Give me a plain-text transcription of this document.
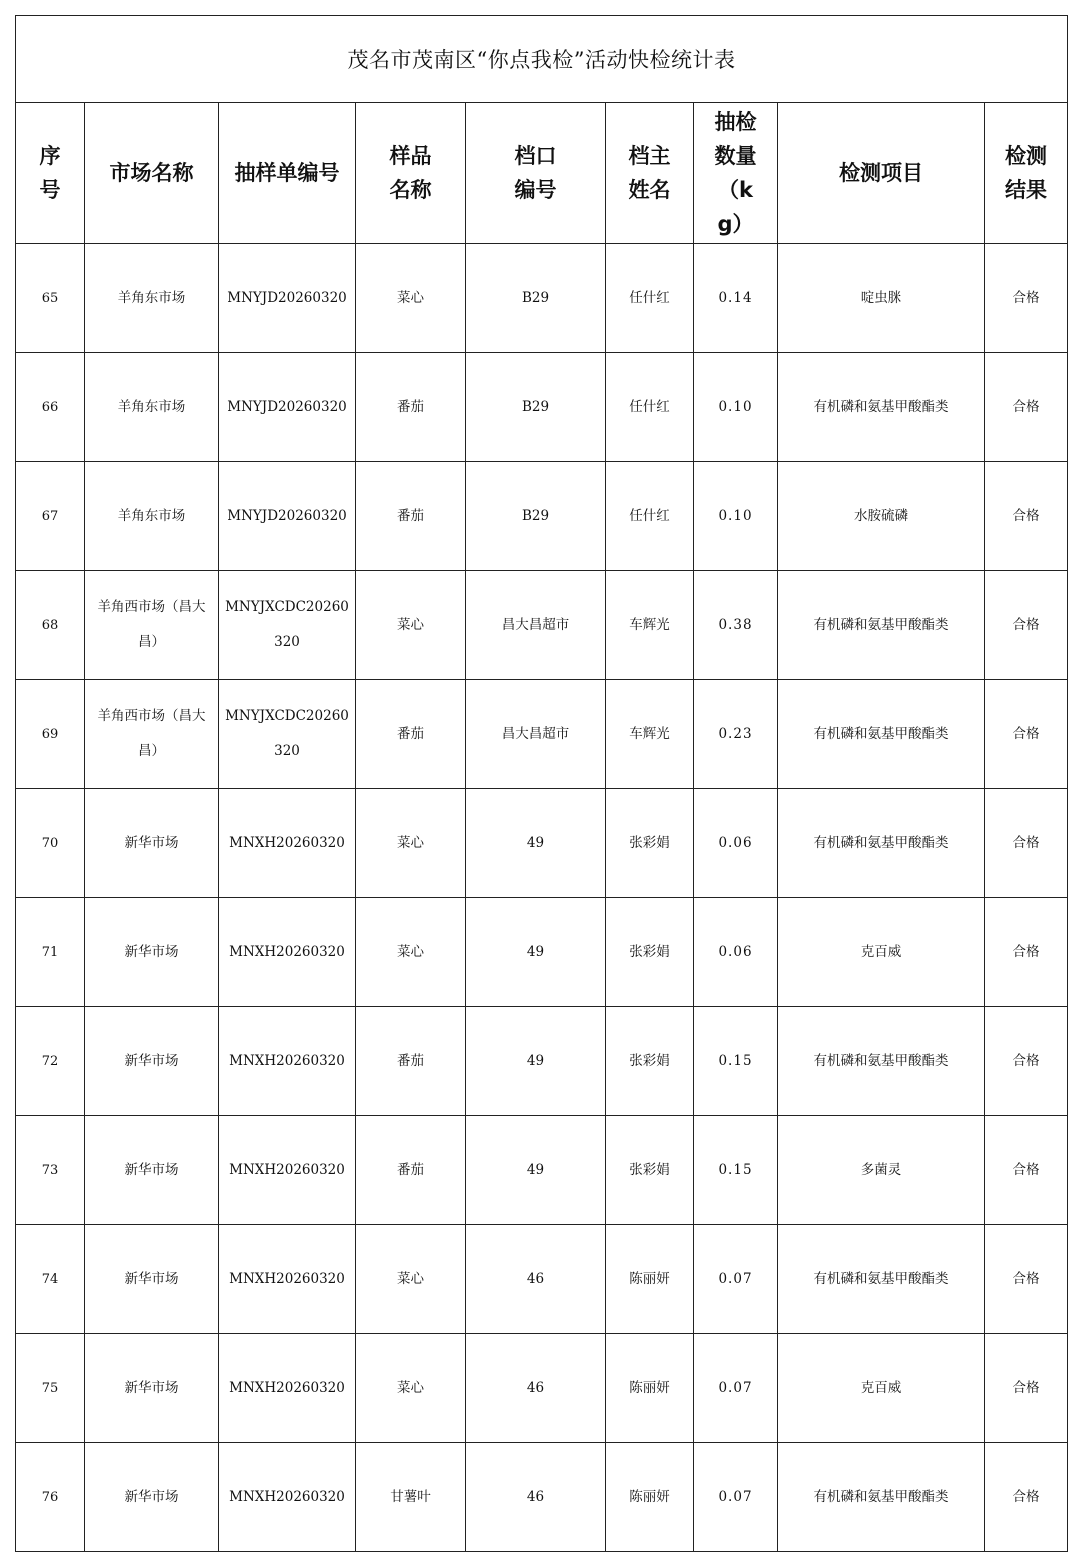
茂名市茂南区“你点我检”活动快检统计表								
序号	市场名称	抽样单编号	样品名称	档口编号	档主姓名	抽检数量（kg）	检测项目	检测结果
65	羊角东市场	MNYJD20260320	菜心	B29	任什红	0.14	啶虫脒	合格
66	羊角东市场	MNYJD20260320	番茄	B29	任什红	0.10	有机磷和氨基甲酸酯类	合格
67	羊角东市场	MNYJD20260320	番茄	B29	任什红	0.10	水胺硫磷	合格
68	羊角西市场（昌大昌）	MNYJXCDC20260320	菜心	昌大昌超市	车辉光	0.38	有机磷和氨基甲酸酯类	合格
69	羊角西市场（昌大昌）	MNYJXCDC20260320	番茄	昌大昌超市	车辉光	0.23	有机磷和氨基甲酸酯类	合格
70	新华市场	MNXH20260320	菜心	49	张彩娟	0.06	有机磷和氨基甲酸酯类	合格
71	新华市场	MNXH20260320	菜心	49	张彩娟	0.06	克百威	合格
72	新华市场	MNXH20260320	番茄	49	张彩娟	0.15	有机磷和氨基甲酸酯类	合格
73	新华市场	MNXH20260320	番茄	49	张彩娟	0.15	多菌灵	合格
74	新华市场	MNXH20260320	菜心	46	陈丽妍	0.07	有机磷和氨基甲酸酯类	合格
75	新华市场	MNXH20260320	菜心	46	陈丽妍	0.07	克百威	合格
76	新华市场	MNXH20260320	甘薯叶	46	陈丽妍	0.07	有机磷和氨基甲酸酯类	合格
